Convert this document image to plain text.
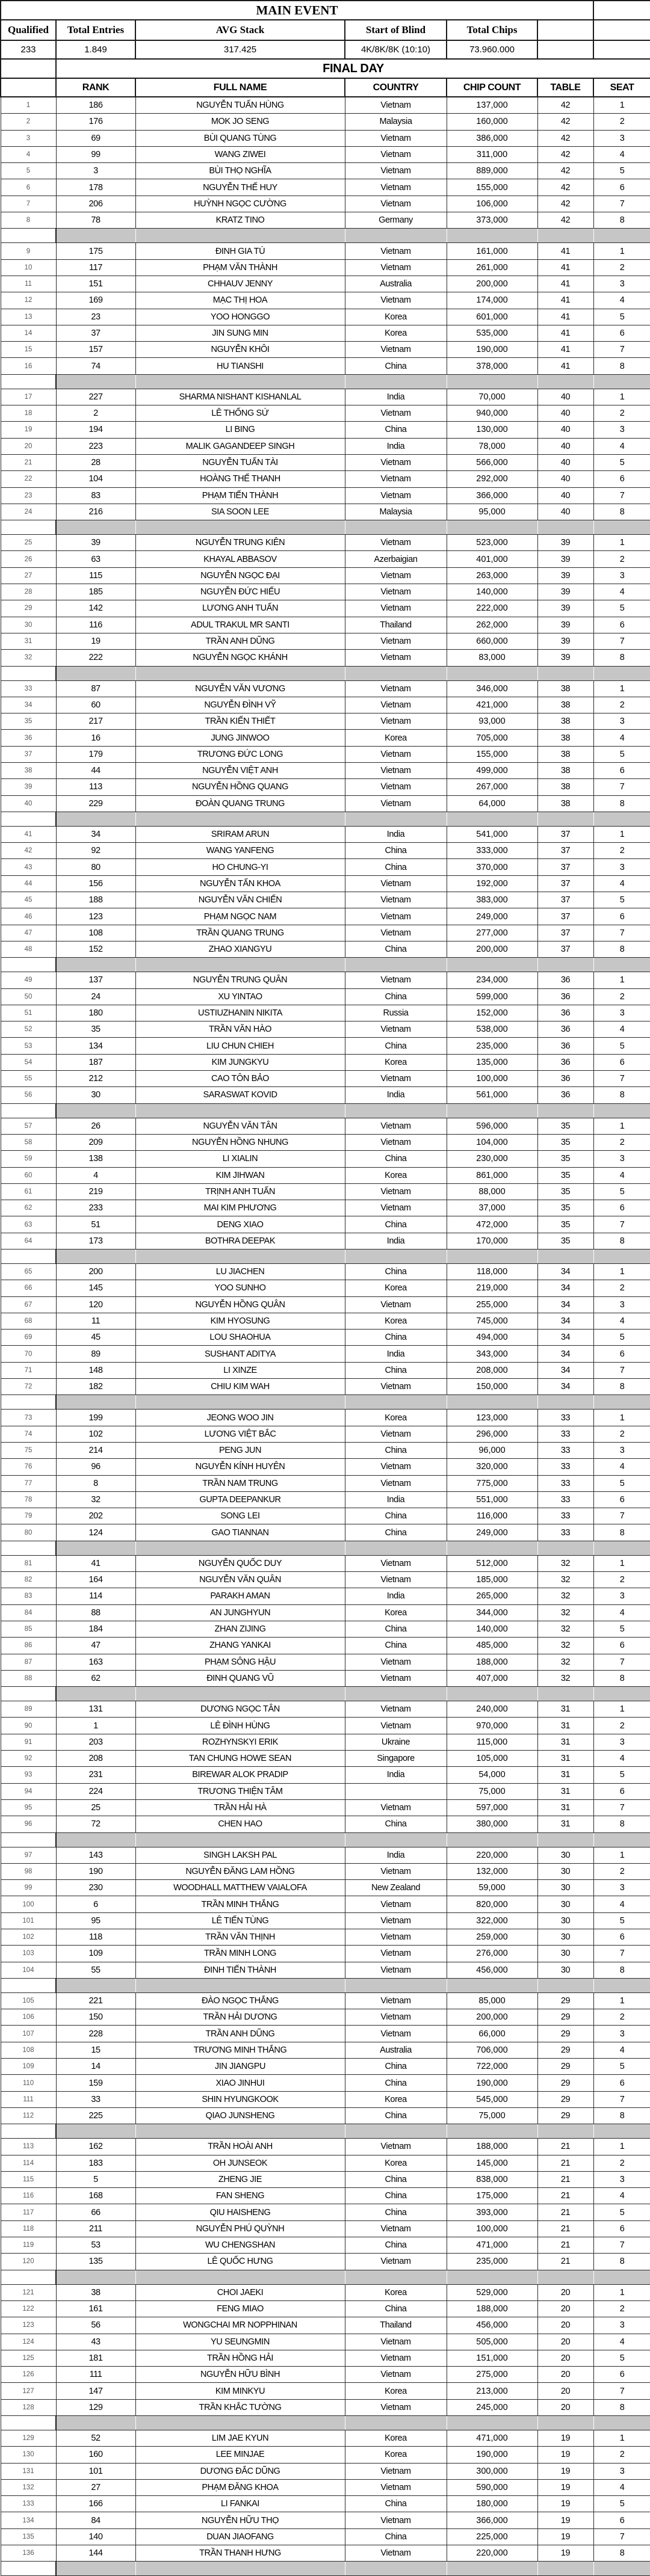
MAIN EVENT						
Qualified	Total Entries	AVG Stack	Start of Blind	Total Chips		
233	1.849	317.425	4K/8K/8K (10:10)	73.960.000		
	FINAL DAY					
	RANK	FULL NAME	COUNTRY	CHIP COUNT	TABLE	SEAT
1	186	NGUYỄN TUẤN HÙNG	Vietnam	137,000	42	1
2	176	MOK JO SENG	Malaysia	160,000	42	2
3	69	BÙI QUANG TÙNG	Vietnam	386,000	42	3
4	99	WANG ZIWEI	Vietnam	311,000	42	4
5	3	BÙI THỌ NGHĨA	Vietnam	889,000	42	5
6	178	NGUYỄN THẾ HUY	Vietnam	155,000	42	6
7	206	HUỲNH NGỌC CƯỜNG	Vietnam	106,000	42	7
8	78	KRATZ TINO	Germany	373,000	42	8

9	175	ĐINH GIA TÚ	Vietnam	161,000	41	1
10	117	PHẠM VĂN THÀNH	Vietnam	261,000	41	2
11	151	CHHAUV JENNY	Australia	200,000	41	3
12	169	MẠC THỊ HOA	Vietnam	174,000	41	4
13	23	YOO HONGGO	Korea	601,000	41	5
14	37	JIN SUNG MIN	Korea	535,000	41	6
15	157	NGUYỄN KHÔI	Vietnam	190,000	41	7
16	74	HU TIANSHI	China	378,000	41	8

17	227	SHARMA NISHANT KISHANLAL	India	70,000	40	1
18	2	LÊ THỐNG SỨ	Vietnam	940,000	40	2
19	194	LI BING	China	130,000	40	3
20	223	MALIK GAGANDEEP SINGH	India	78,000	40	4
21	28	NGUYỄN TUẤN TÀI	Vietnam	566,000	40	5
22	104	HOÀNG THẾ THANH	Vietnam	292,000	40	6
23	83	PHẠM TIẾN THÀNH	Vietnam	366,000	40	7
24	216	SIA SOON LEE	Malaysia	95,000	40	8

25	39	NGUYỄN TRUNG KIÊN	Vietnam	523,000	39	1
26	63	KHAYAL ABBASOV	Azerbaigian	401,000	39	2
27	115	NGUYỄN NGỌC ĐẠI	Vietnam	263,000	39	3
28	185	NGUYỄN ĐỨC HIẾU	Vietnam	140,000	39	4
29	142	LƯƠNG ANH TUẤN	Vietnam	222,000	39	5
30	116	ADUL TRAKUL MR SANTI	Thailand	262,000	39	6
31	19	TRẦN ANH DŨNG	Vietnam	660,000	39	7
32	222	NGUYỄN NGỌC KHÁNH	Vietnam	83,000	39	8

33	87	NGUYỄN VĂN VƯƠNG	Vietnam	346,000	38	1
34	60	NGUYỄN ĐÌNH VỸ	Vietnam	421,000	38	2
35	217	TRẦN KIẾN THIẾT	Vietnam	93,000	38	3
36	16	JUNG JINWOO	Korea	705,000	38	4
37	179	TRƯƠNG ĐỨC LONG	Vietnam	155,000	38	5
38	44	NGUYỄN VIỆT ANH	Vietnam	499,000	38	6
39	113	NGUYỄN HỒNG QUANG	Vietnam	267,000	38	7
40	229	ĐOÀN QUANG TRUNG	Vietnam	64,000	38	8

41	34	SRIRAM ARUN	India	541,000	37	1
42	92	WANG YANFENG	China	333,000	37	2
43	80	HO CHUNG-YI	China	370,000	37	3
44	156	NGUYỄN TẤN KHOA	Vietnam	192,000	37	4
45	188	NGUYỄN VĂN CHIẾN	Vietnam	383,000	37	5
46	123	PHẠM NGỌC NAM	Vietnam	249,000	37	6
47	108	TRẦN QUANG TRUNG	Vietnam	277,000	37	7
48	152	ZHAO XIANGYU	China	200,000	37	8

49	137	NGUYỄN TRUNG QUÂN	Vietnam	234,000	36	1
50	24	XU YINTAO	China	599,000	36	2
51	180	USTIUZHANIN NIKITA	Russia	152,000	36	3
52	35	TRẦN VĂN HÀO	Vietnam	538,000	36	4
53	134	LIU CHUN CHIEH	China	235,000	36	5
54	187	KIM JUNGKYU	Korea	135,000	36	6
55	212	CAO TÔN BẢO	Vietnam	100,000	36	7
56	30	SARASWAT KOVID	India	561,000	36	8

57	26	NGUYỄN VĂN TÂN	Vietnam	596,000	35	1
58	209	NGUYỄN HỒNG NHUNG	Vietnam	104,000	35	2
59	138	LI XIALIN	China	230,000	35	3
60	4	KIM JIHWAN	Korea	861,000	35	4
61	219	TRỊNH ANH TUẤN	Vietnam	88,000	35	5
62	233	MAI KIM PHƯƠNG	Vietnam	37,000	35	6
63	51	DENG XIAO	China	472,000	35	7
64	173	BOTHRA DEEPAK	India	170,000	35	8

65	200	LU JIACHEN	China	118,000	34	1
66	145	YOO SUNHO	Korea	219,000	34	2
67	120	NGUYỄN HỒNG QUÂN	Vietnam	255,000	34	3
68	11	KIM HYOSUNG	Korea	745,000	34	4
69	45	LOU SHAOHUA	China	494,000	34	5
70	89	SUSHANT ADITYA	India	343,000	34	6
71	148	LI XINZE	China	208,000	34	7
72	182	CHIU KIM WAH	Vietnam	150,000	34	8

73	199	JEONG WOO JIN	Korea	123,000	33	1
74	102	LƯƠNG VIỆT BẮC	Vietnam	296,000	33	2
75	214	PENG JUN	China	96,000	33	3
76	96	NGUYỄN KÍNH HUYÊN	Vietnam	320,000	33	4
77	8	TRẦN NAM TRUNG	Vietnam	775,000	33	5
78	32	GUPTA DEEPANKUR	India	551,000	33	6
79	202	SONG LEI	China	116,000	33	7
80	124	GAO TIANNAN	China	249,000	33	8

81	41	NGUYỄN QUỐC DUY	Vietnam	512,000	32	1
82	164	NGUYỄN VĂN QUÂN	Vietnam	185,000	32	2
83	114	PARAKH AMAN	India	265,000	32	3
84	88	AN JUNGHYUN	Korea	344,000	32	4
85	184	ZHAN ZIJING	China	140,000	32	5
86	47	ZHANG YANKAI	China	485,000	32	6
87	163	PHẠM SÔNG HẬU	Vietnam	188,000	32	7
88	62	ĐINH QUANG VŨ	Vietnam	407,000	32	8

89	131	DƯƠNG NGỌC TÂN	Vietnam	240,000	31	1
90	1	LÊ ĐÌNH HÙNG	Vietnam	970,000	31	2
91	203	ROZHYNSKYI ERIK	Ukraine	115,000	31	3
92	208	TAN CHUNG HOWE SEAN	Singapore	105,000	31	4
93	231	BIREWAR ALOK PRADIP	India	54,000	31	5
94	224	TRƯƠNG THIỆN TÂM		75,000	31	6
95	25	TRẦN HẢI HÀ	Vietnam	597,000	31	7
96	72	CHEN HAO	China	380,000	31	8

97	143	SINGH LAKSH PAL	India	220,000	30	1
98	190	NGUYỄN ĐĂNG LAM HỒNG	Vietnam	132,000	30	2
99	230	WOODHALL MATTHEW VAIALOFA	New Zealand	59,000	30	3
100	6	TRẦN MINH THẮNG	Vietnam	820,000	30	4
101	95	LÊ TIẾN TÙNG	Vietnam	322,000	30	5
102	118	TRẦN VĂN THỊNH	Vietnam	259,000	30	6
103	109	TRẦN MINH LONG	Vietnam	276,000	30	7
104	55	ĐINH TIẾN THÀNH	Vietnam	456,000	30	8

105	221	ĐÀO NGỌC THẮNG	Vietnam	85,000	29	1
106	150	TRẦN HẢI DƯƠNG	Vietnam	200,000	29	2
107	228	TRẦN ANH DŨNG	Vietnam	66,000	29	3
108	15	TRƯƠNG MINH THẮNG	Australia	706,000	29	4
109	14	JIN JIANGPU	China	722,000	29	5
110	159	XIAO JINHUI	China	190,000	29	6
111	33	SHIN HYUNGKOOK	Korea	545,000	29	7
112	225	QIAO JUNSHENG	China	75,000	29	8

113	162	TRẦN HOÀI ANH	Vietnam	188,000	21	1
114	183	OH JUNSEOK	Korea	145,000	21	2
115	5	ZHENG JIE	China	838,000	21	3
116	168	FAN SHENG	China	175,000	21	4
117	66	QIU HAISHENG	China	393,000	21	5
118	211	NGUYỄN PHÚ QUỲNH	Vietnam	100,000	21	6
119	53	WU CHENGSHAN	China	471,000	21	7
120	135	LÊ QUỐC HƯNG	Vietnam	235,000	21	8

121	38	CHOI JAEKI	Korea	529,000	20	1
122	161	FENG MIAO	China	188,000	20	2
123	56	WONGCHAI MR NOPPHINAN	Thailand	456,000	20	3
124	43	YU SEUNGMIN	Vietnam	505,000	20	4
125	181	TRẦN HỒNG HẢI	Vietnam	151,000	20	5
126	111	NGUYỄN HỮU BÌNH	Vietnam	275,000	20	6
127	147	KIM MINKYU	Korea	213,000	20	7
128	129	TRẦN KHẮC TƯỜNG	Vietnam	245,000	20	8

129	52	LIM JAE KYUN	Korea	471,000	19	1
130	160	LEE MINJAE	Korea	190,000	19	2
131	101	DƯƠNG ĐẮC DŨNG	Vietnam	300,000	19	3
132	27	PHẠM ĐĂNG KHOA	Vietnam	590,000	19	4
133	166	LI FANKAI	China	180,000	19	5
134	84	NGUYỄN HỮU THỌ	Vietnam	366,000	19	6
135	140	DUAN JIAOFANG	China	225,000	19	7
136	144	TRẦN THANH HƯNG	Vietnam	220,000	19	8
